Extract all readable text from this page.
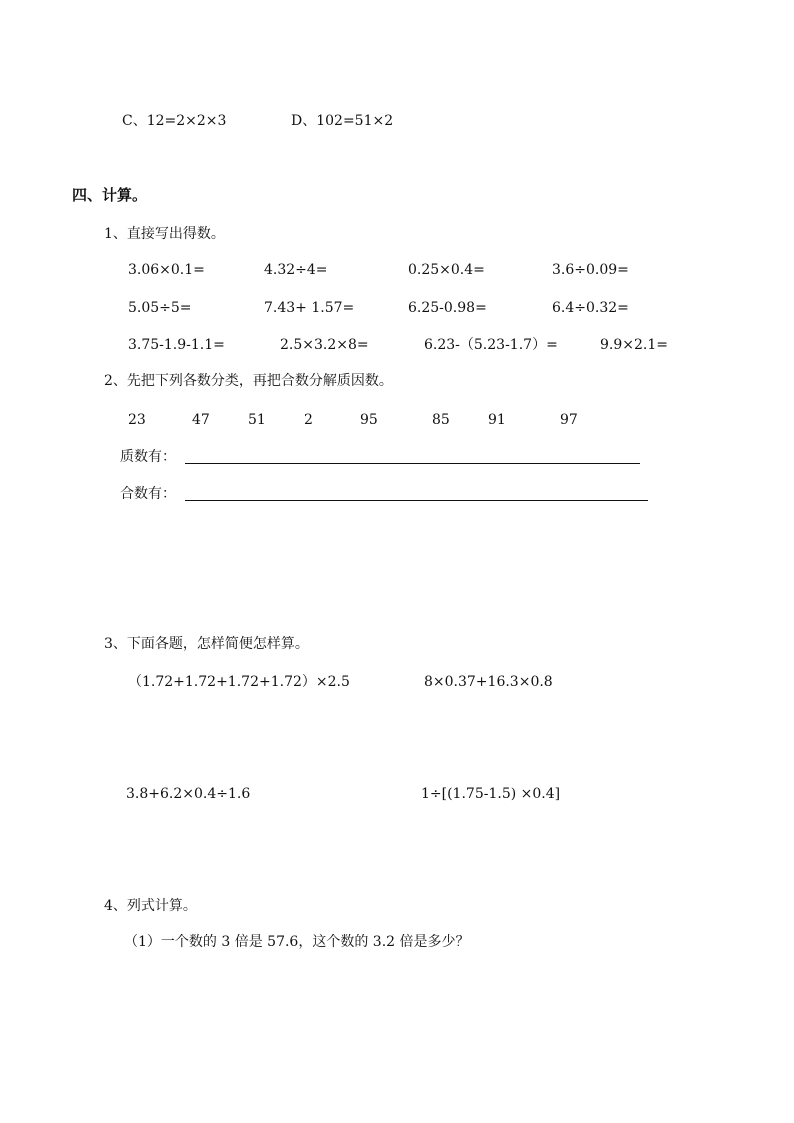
C、12=2×2×3	D、102=51×2
四、计算。
1、直接写出得数。
3.06×0.1=	4.32÷4=	0.25×0.4=	3.6÷0.09=
5.05÷5=	7.43+ 1.57=	6.25-0.98=	6.4÷0.32=
3.75-1.9-1.1=	2.5×3.2×8=	6.23-（5.23-1.7）=	9.9×2.1=
2、先把下列各数分类，再把合数分解质因数。
23	47	51	2	95	85	91	97
质数有：
合数有：
3、下面各题，怎样简便怎样算。
（1.72+1.72+1.72+1.72）×2.5	8×0.37+16.3×0.8
3.8+6.2×0.4÷1.6	1÷[(1.75-1.5) ×0.4]
4、列式计算。
（1）一个数的 3 倍是 57.6，这个数的 3.2 倍是多少？
